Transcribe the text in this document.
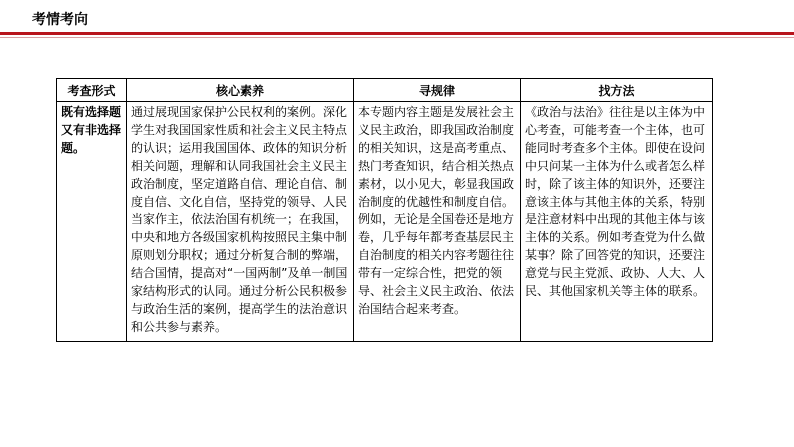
考情考向
考查形式	核心素养	寻规律	找方法

既有选择题又有非选择题。	通过展现国家保护公民权利的案例。深化学生对我国国家性质和社会主义民主特点的认识；运用我国国体、政体的知识分析相关问题，理解和认同我国社会主义民主政治制度，坚定道路自信、理论自信、制度自信、文化自信，坚持党的领导、人民当家作主，依法治国有机统一；在我国，中央和地方各级国家机构按照民主集中制原则划分职权；通过分析复合制的弊端，结合国情，提高对“一国两制”及单一制国家结构形式的认同。通过分析公民积极参与政治生活的案例，提高学生的法治意识和公共参与素养。	本专题内容主题是发展社会主义民主政治，即我国政治制度的相关知识，这是高考重点、热门考查知识，结合相关热点素材，以小见大，彰显我国政治制度的优越性和制度自信。例如，无论是全国卷还是地方卷，几乎每年都考查基层民主自治制度的相关内容考题往往带有一定综合性，把党的领导、社会主义民主政治、依法治国结合起来考查。	《政治与法治》往往是以主体为中心考查，可能考查一个主体，也可能同时考查多个主体。即使在设问中只问某一主体为什么或者怎么样时，除了该主体的知识外，还要注意该主体与其他主体的关系，特别是注意材料中出现的其他主体与该主体的关系。例如考查党为什么做某事？除了回答党的知识，还要注意党与民主党派、政协、人大、人民、其他国家机关等主体的联系。
